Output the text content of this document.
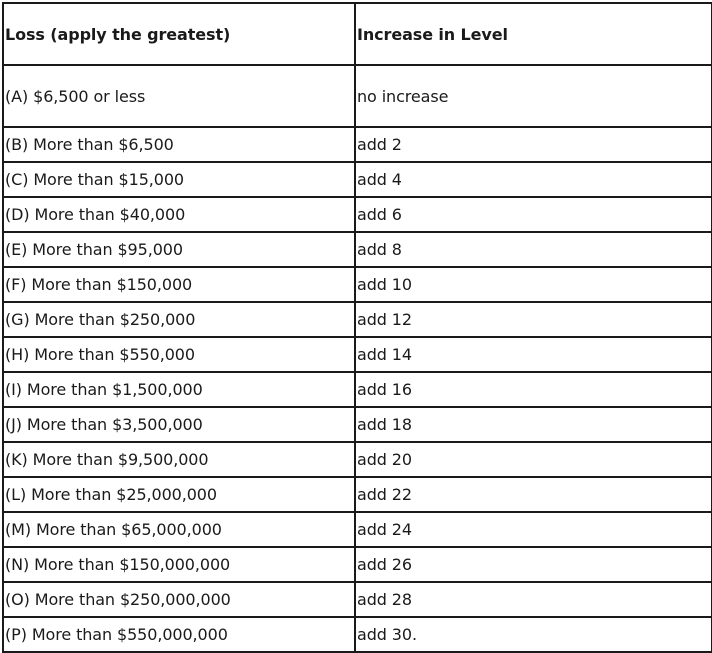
Loss (apply the greatest)	Increase in Level
(A) $6,500 or less	no increase
(B) More than $6,500	add 2
(C) More than $15,000	add 4
(D) More than $40,000	add 6
(E) More than $95,000	add 8
(F) More than $150,000	add 10
(G) More than $250,000	add 12
(H) More than $550,000	add 14
(I) More than $1,500,000	add 16
(J) More than $3,500,000	add 18
(K) More than $9,500,000	add 20
(L) More than $25,000,000	add 22
(M) More than $65,000,000	add 24
(N) More than $150,000,000	add 26
(O) More than $250,000,000	add 28
(P) More than $550,000,000	add 30.
